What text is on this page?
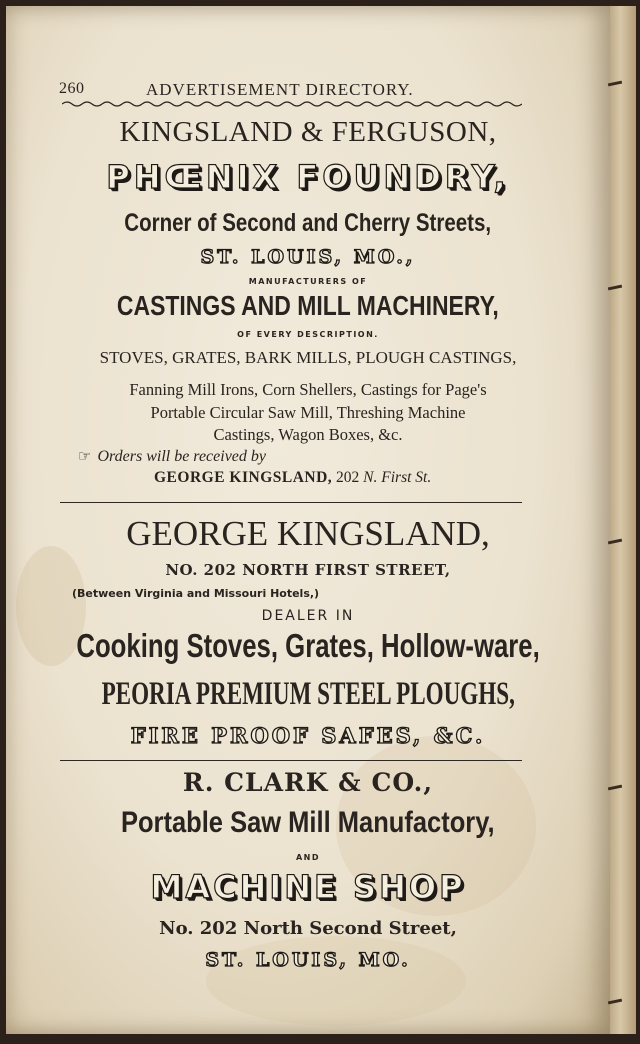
260	ADVERTISEMENT DIRECTORY.
KINGSLAND & FERGUSON,
PHŒNIX FOUNDRY,
Corner of Second and Cherry Streets,
ST. LOUIS, MO.,
MANUFACTURERS OF
CASTINGS AND MILL MACHINERY,
OF EVERY DESCRIPTION.
STOVES, GRATES, BARK MILLS, PLOUGH CASTINGS,
Fanning Mill Irons, Corn Shellers, Castings for Page's
Portable Circular Saw Mill, Threshing Machine
Castings, Wagon Boxes, &c.
☞ Orders will be received by
GEORGE KINGSLAND, 202 N. First St.
GEORGE KINGSLAND,
NO. 202 NORTH FIRST STREET,
(Between Virginia and Missouri Hotels,)
DEALER IN
Cooking Stoves, Grates, Hollow-ware,
PEORIA PREMIUM STEEL PLOUGHS,
FIRE PROOF SAFES, &C.
R. CLARK & CO.,
Portable Saw Mill Manufactory,
AND
MACHINE SHOP
No. 202 North Second Street,
ST. LOUIS, MO.
